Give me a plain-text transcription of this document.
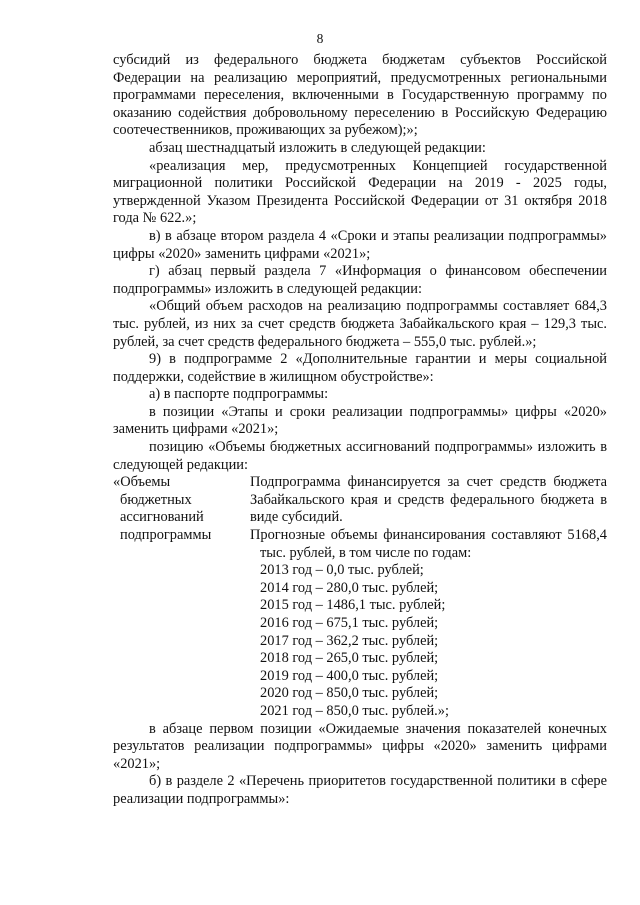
8

субсидий из федерального бюджета бюджетам субъектов Российской Федерации на реализацию мероприятий, предусмотренных региональными программами переселения, включенными в Государственную программу по оказанию содействия добровольному переселению в Российскую Федерацию соотечественников, проживающих за рубежом);»;

абзац шестнадцатый изложить в следующей редакции:

«реализация мер, предусмотренных Концепцией государственной миграционной политики Российской Федерации на 2019 - 2025 годы, утвержденной Указом Президента Российской Федерации от 31 октября 2018 года № 622.»;

в) в абзаце втором раздела 4 «Сроки и этапы реализации подпрограммы» цифры «2020» заменить цифрами «2021»;

г) абзац первый раздела 7 «Информация о финансовом обеспечении подпрограммы» изложить в следующей редакции:

«Общий объем расходов на реализацию подпрограммы составляет 684,3 тыс. рублей, из них за счет средств бюджета Забайкальского края – 129,3 тыс. рублей, за счет средств федерального бюджета – 555,0 тыс. рублей.»;

9) в подпрограмме 2 «Дополнительные гарантии и меры социальной поддержки, содействие в жилищном обустройстве»:

а) в паспорте подпрограммы:

в позиции «Этапы и сроки реализации подпрограммы» цифры «2020» заменить цифрами «2021»;

позицию «Объемы бюджетных ассигнований подпрограммы» изложить в следующей редакции:

«Объемы
бюджетных
ассигнований
подпрограммы

Подпрограмма финансируется за счет средств бюджета Забайкальского края и средств федерального бюджета в виде субсидий.

Прогнозные объемы финансирования составляют 5168,4 тыс. рублей, в том числе по годам:

2013 год – 0,0 тыс. рублей;
2014 год – 280,0 тыс. рублей;
2015 год – 1486,1 тыс. рублей;
2016 год – 675,1 тыс. рублей;
2017 год – 362,2 тыс. рублей;
2018 год – 265,0 тыс. рублей;
2019 год – 400,0 тыс. рублей;
2020 год – 850,0 тыс. рублей;
2021 год – 850,0 тыс. рублей.»;

в абзаце первом позиции «Ожидаемые значения показателей конечных результатов реализации подпрограммы» цифры «2020» заменить цифрами «2021»;

б) в разделе 2 «Перечень приоритетов государственной политики в сфере реализации подпрограммы»:
